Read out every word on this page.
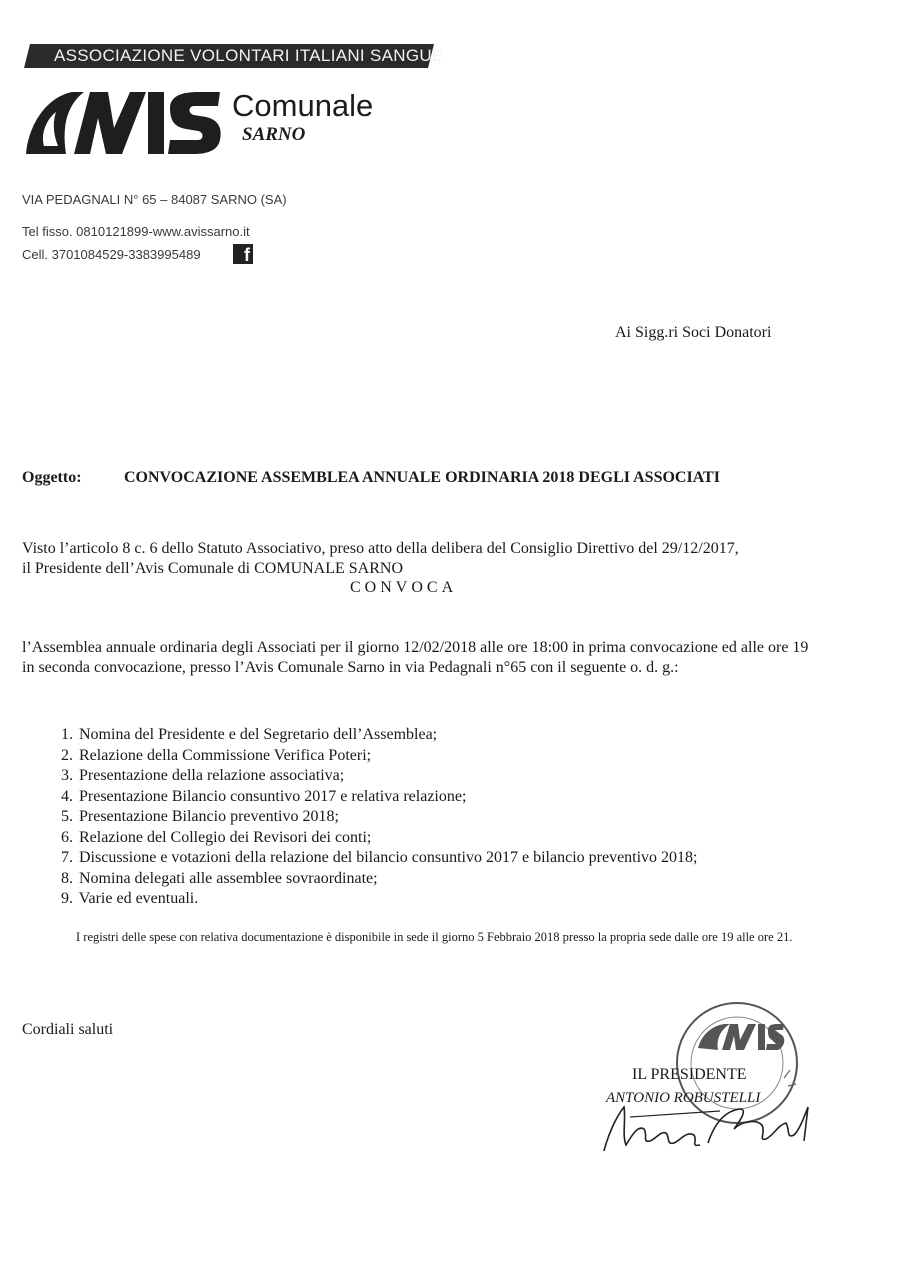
ASSOCIAZIONE VOLONTARI ITALIANI SANGUE
Comunale
SARNO
VIA PEDAGNALI N° 65 – 84087 SARNO (SA)
Tel fisso. 0810121899-www.avissarno.it
Cell. 3701084529-3383995489	f
Ai Sigg.ri Soci Donatori
Oggetto:	CONVOCAZIONE ASSEMBLEA ANNUALE ORDINARIA 2018 DEGLI ASSOCIATI
Visto l’articolo 8 c. 6 dello Statuto Associativo, preso atto della delibera del Consiglio Direttivo del 29/12/2017,
il Presidente dell’Avis Comunale di COMUNALE SARNO
CONVOCA
l’Assemblea annuale ordinaria degli Associati per il giorno 12/02/2018 alle ore 18:00 in prima convocazione ed alle ore 19 in seconda convocazione, presso l’Avis Comunale Sarno in via Pedagnali n°65 con il seguente o. d. g.:
1. Nomina del Presidente e del Segretario dell’Assemblea;
2. Relazione della Commissione Verifica Poteri;
3. Presentazione della relazione associativa;
4. Presentazione Bilancio consuntivo 2017 e relativa relazione;
5. Presentazione Bilancio preventivo 2018;
6. Relazione del Collegio dei Revisori dei conti;
7. Discussione e votazioni della relazione del bilancio consuntivo 2017 e bilancio preventivo 2018;
8. Nomina delegati alle assemblee sovraordinate;
9. Varie ed eventuali.
I registri delle spese con relativa documentazione è disponibile in sede il giorno 5 Febbraio 2018 presso la propria sede dalle ore 19 alle ore 21.
Cordiali saluti
IL PRESIDENTE
ANTONIO ROBUSTELLI
